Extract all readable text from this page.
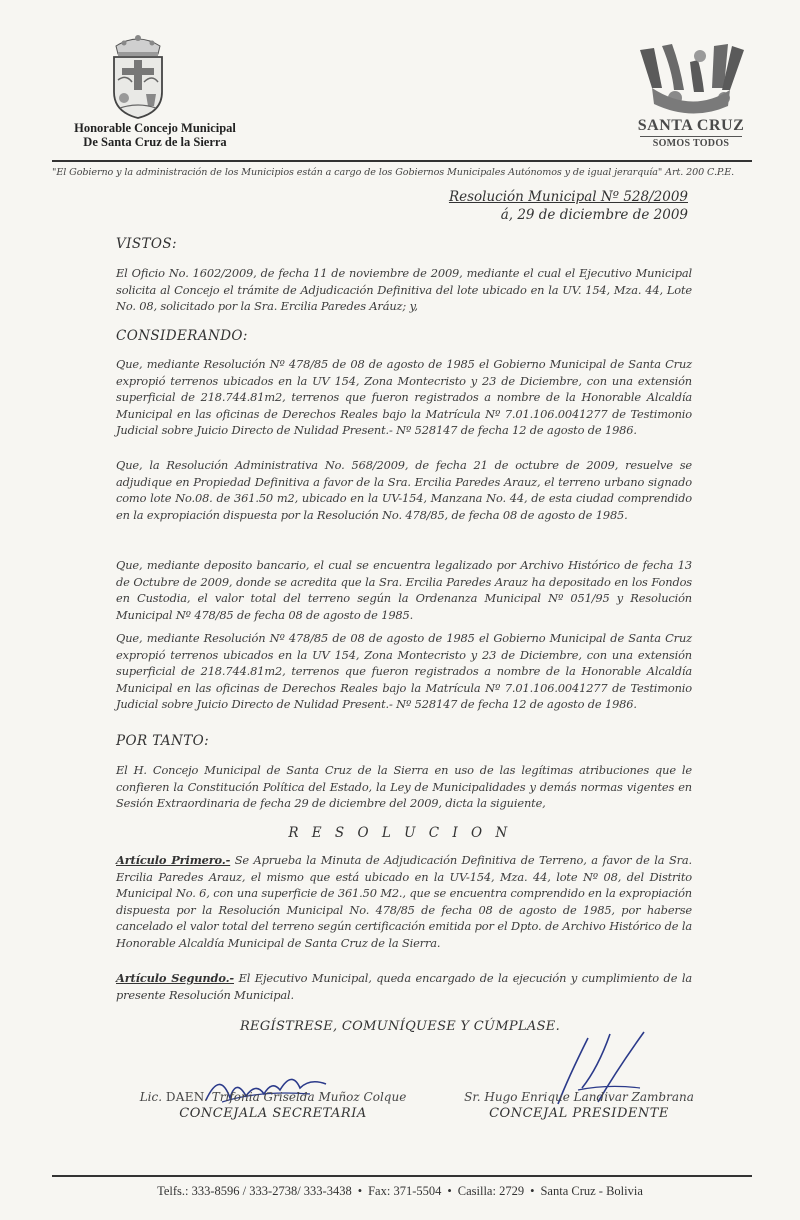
Honorable Concejo Municipal
De Santa Cruz de la Sierra
SANTA CRUZ
SOMOS TODOS
"El Gobierno y la administración de los Municipios están a cargo de los Gobiernos Municipales Autónomos y de igual jerarquía" Art. 200 C.P.E.
Resolución Municipal Nº 528/2009
á, 29 de diciembre de 2009
VISTOS:
El Oficio No. 1602/2009, de fecha 11 de noviembre de 2009, mediante el cual el Ejecutivo Municipal solicita al Concejo el trámite de Adjudicación Definitiva del lote ubicado en la UV. 154, Mza. 44, Lote No. 08, solicitado por la Sra. Ercilia Paredes Aráuz; y,
CONSIDERANDO:
Que, mediante Resolución Nº 478/85 de 08 de agosto de 1985 el Gobierno Municipal de Santa Cruz expropió terrenos ubicados en la UV 154, Zona Montecristo y 23 de Diciembre, con una extensión superficial de 218.744.81m2, terrenos que fueron registrados a nombre de la Honorable Alcaldía Municipal en las oficinas de Derechos Reales bajo la Matrícula Nº 7.01.106.0041277 de Testimonio Judicial sobre Juicio Directo de Nulidad Present.- Nº 528147 de fecha 12 de agosto de 1986.
Que, la Resolución Administrativa No. 568/2009, de fecha 21 de octubre de 2009, resuelve se adjudique en Propiedad Definitiva a favor de la Sra. Ercilia Paredes Arauz, el terreno urbano signado como lote No.08. de 361.50 m2, ubicado en la UV-154, Manzana No. 44, de esta ciudad comprendido en la expropiación dispuesta por la Resolución No. 478/85, de fecha 08 de agosto de 1985.
Que, mediante deposito bancario, el cual se encuentra legalizado por Archivo Histórico de fecha 13 de Octubre de 2009, donde se acredita que la Sra. Ercilia Paredes Arauz ha depositado en los Fondos en Custodia, el valor total del terreno según la Ordenanza Municipal Nº 051/95 y Resolución Municipal Nº 478/85 de fecha 08 de agosto de 1985.
Que, mediante Resolución Nº 478/85 de 08 de agosto de 1985 el Gobierno Municipal de Santa Cruz expropió terrenos ubicados en la UV 154, Zona Montecristo y 23 de Diciembre, con una extensión superficial de 218.744.81m2, terrenos que fueron registrados a nombre de la Honorable Alcaldía Municipal en las oficinas de Derechos Reales bajo la Matrícula Nº 7.01.106.0041277 de Testimonio Judicial sobre Juicio Directo de Nulidad Present.- Nº 528147 de fecha 12 de agosto de 1986.
POR TANTO:
El H. Concejo Municipal de Santa Cruz de la Sierra en uso de las legítimas atribuciones que le confieren la Constitución Política del Estado, la Ley de Municipalidades y demás normas vigentes en Sesión Extraordinaria de fecha 29 de diciembre del 2009, dicta la siguiente,
R E S O L U C I O N
Artículo Primero.- Se Aprueba la Minuta de Adjudicación Definitiva de Terreno, a favor de la Sra. Ercilia Paredes Arauz, el mismo que está ubicado en la UV-154, Mza. 44, lote Nº 08, del Distrito Municipal No. 6, con una superficie de 361.50 M2., que se encuentra comprendido en la expropiación dispuesta por la Resolución Municipal No. 478/85 de fecha 08 de agosto de 1985, por haberse cancelado el valor total del terreno según certificación emitida por el Dpto. de Archivo Histórico de la Honorable Alcaldía Municipal de Santa Cruz de la Sierra.
Artículo Segundo.- El Ejecutivo Municipal, queda encargado de la ejecución y cumplimiento de la presente Resolución Municipal.
REGÍSTRESE, COMUNÍQUESE Y CÚMPLASE.
Lic. DAEN. Trifonia Griselda Muñoz Colque
CONCEJALA SECRETARIA
Sr. Hugo Enrique Landivar Zambrana
CONCEJAL PRESIDENTE
Telfs.: 333-8596 / 333-2738/ 333-3438 • Fax: 371-5504 • Casilla: 2729 • Santa Cruz - Bolivia
